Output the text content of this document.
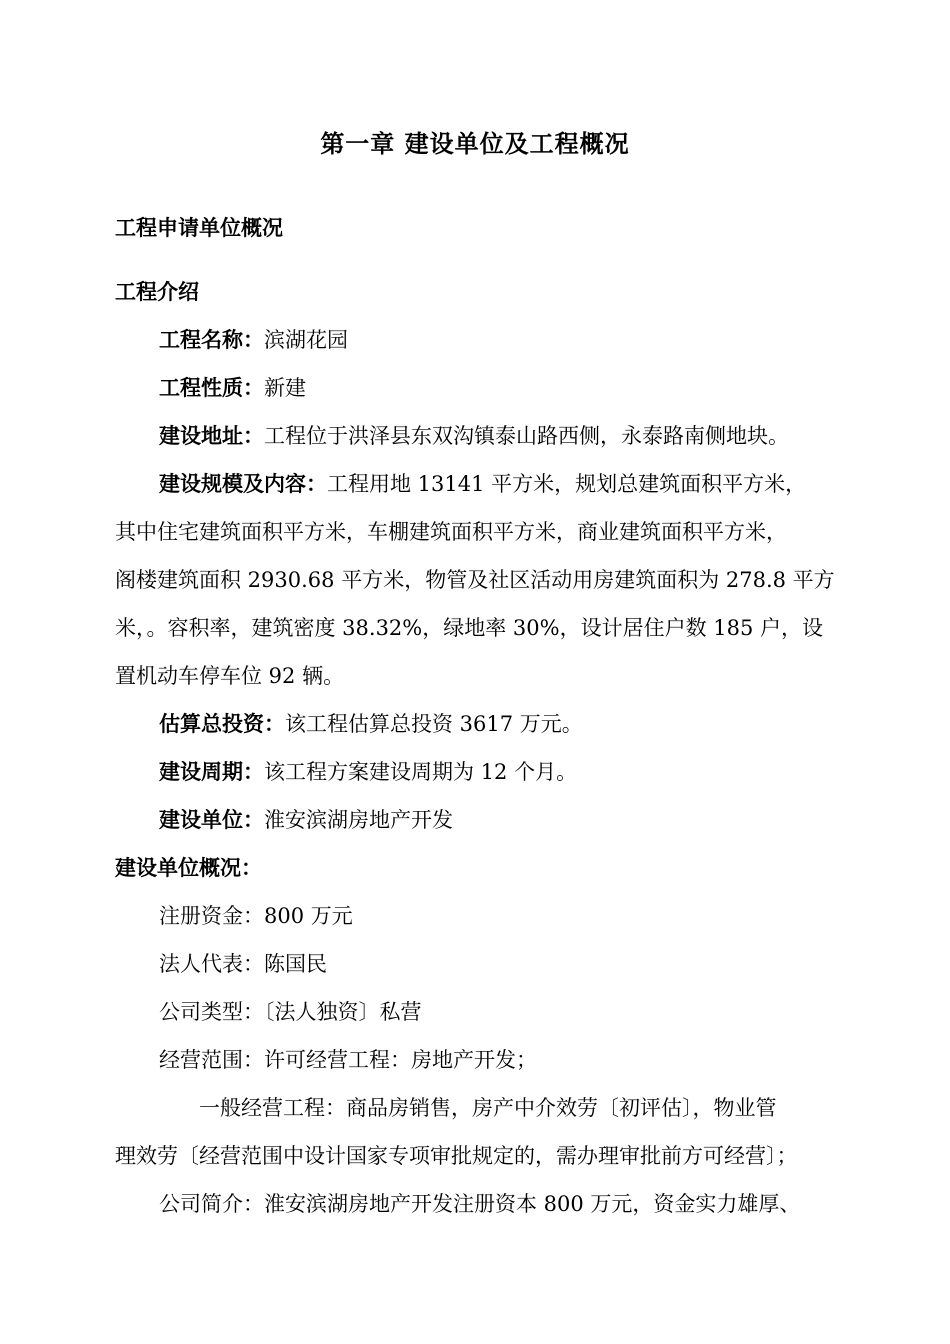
第一章 建设单位及工程概况
工程申请单位概况
工程介绍
工程名称：滨湖花园
工程性质：新建
建设地址：工程位于洪泽县东双沟镇泰山路西侧，永泰路南侧地块。
建设规模及内容：工程用地 13141 平方米，规划总建筑面积平方米，
其中住宅建筑面积平方米，车棚建筑面积平方米，商业建筑面积平方米，
阁楼建筑面积 2930.68 平方米，物管及社区活动用房建筑面积为 278.8 平方
米，。容积率，建筑密度 38.32%，绿地率 30%，设计居住户数 185 户，设
置机动车停车位 92 辆。
估算总投资：该工程估算总投资 3617 万元。
建设周期：该工程方案建设周期为 12 个月。
建设单位：淮安滨湖房地产开发
建设单位概况：
注册资金：800 万元
法人代表：陈国民
公司类型：〔法人独资〕私营
经营范围：许可经营工程：房地产开发；
一般经营工程：商品房销售，房产中介效劳〔初评估〕，物业管
理效劳〔经营范围中设计国家专项审批规定的，需办理审批前方可经营〕；
公司简介：淮安滨湖房地产开发注册资本 800 万元，资金实力雄厚、
